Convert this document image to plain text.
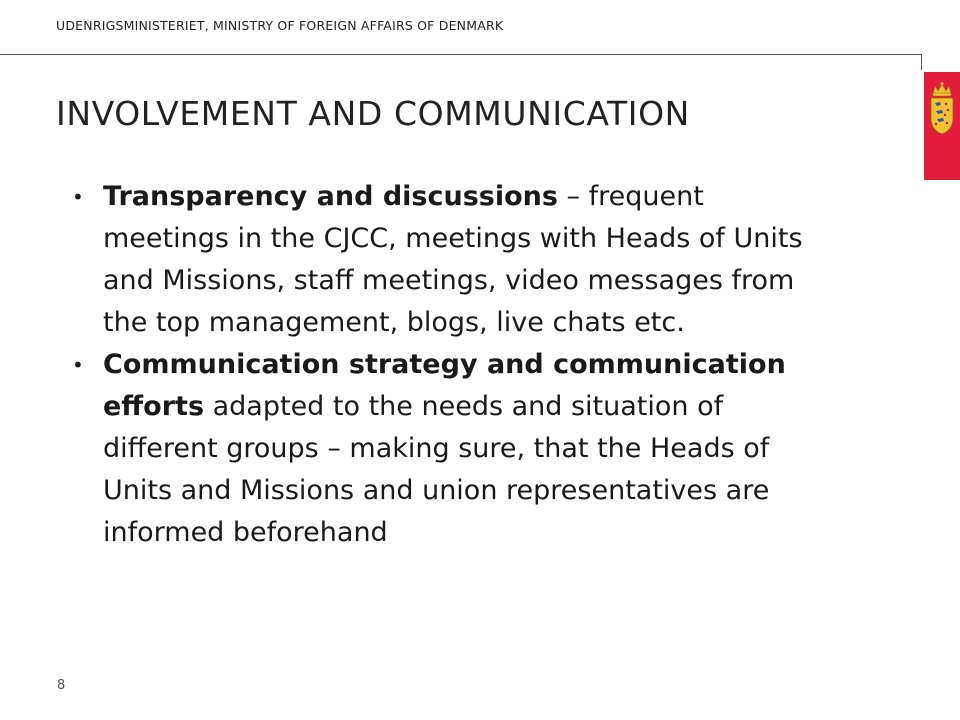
UDENRIGSMINISTERIET, MINISTRY OF FOREIGN AFFAIRS OF DENMARK
INVOLVEMENT AND COMMUNICATION
• Transparency and discussions – frequent meetings in the CJCC, meetings with Heads of Units and Missions, staff meetings, video messages from the top management, blogs, live chats etc.
• Communication strategy and communication efforts adapted to the needs and situation of different groups – making sure, that the Heads of Units and Missions and union representatives are informed beforehand
8
